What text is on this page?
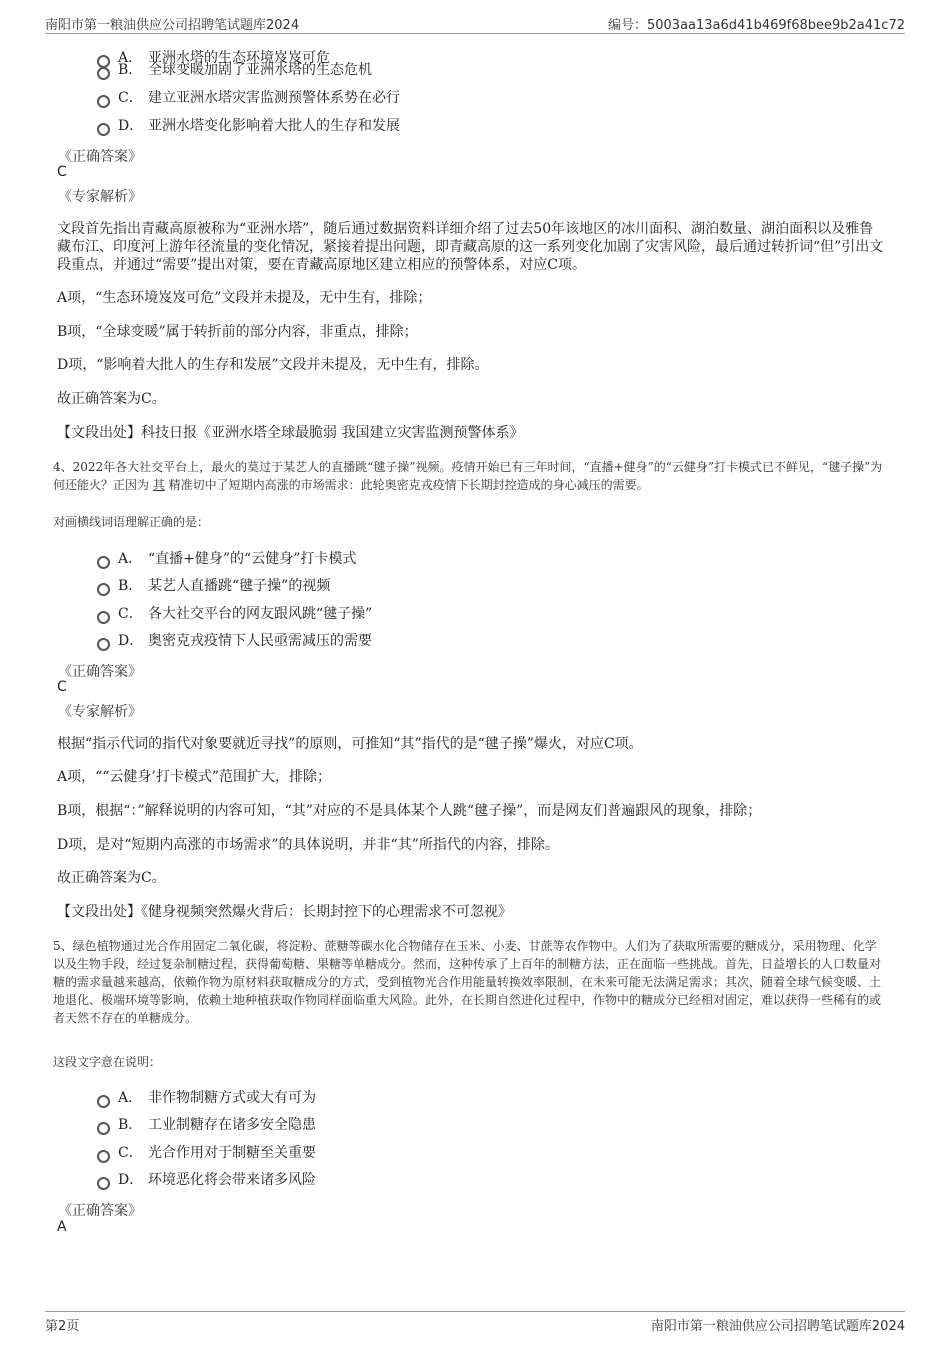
南阳市第一粮油供应公司招聘笔试题库2024	编号：5003aa13a6d41b469f68bee9b2a41c72
A． 亚洲水塔的生态环境岌岌可危
B． 全球变暖加剧了亚洲水塔的生态危机
C． 建立亚洲水塔灾害监测预警体系势在必行
D． 亚洲水塔变化影响着大批人的生存和发展
《正确答案》
C
《专家解析》
文段首先指出青藏高原被称为“亚洲水塔”，随后通过数据资料详细介绍了过去50年该地区的冰川面积、湖泊数量、湖泊面积以及雅鲁藏布江、印度河上游年径流量的变化情况，紧接着提出问题，即青藏高原的这一系列变化加剧了灾害风险，最后通过转折词“但”引出文段重点，并通过“需要”提出对策，要在青藏高原地区建立相应的预警体系，对应C项。
A项，“生态环境岌岌可危”文段并未提及，无中生有，排除；
B项，“全球变暖”属于转折前的部分内容，非重点，排除；
D项，“影响着大批人的生存和发展”文段并未提及，无中生有，排除。
故正确答案为C。
【文段出处】科技日报《亚洲水塔全球最脆弱 我国建立灾害监测预警体系》
4、2022年各大社交平台上，最火的莫过于某艺人的直播跳“毽子操”视频。疫情开始已有三年时间，“直播+健身”的“云健身”打卡模式已不鲜见，“毽子操”为何还能火？正因为 其 精准切中了短期内高涨的市场需求：此轮奥密克戎疫情下长期封控造成的身心减压的需要。
对画横线词语理解正确的是：
A． “直播+健身”的“云健身”打卡模式
B． 某艺人直播跳“毽子操”的视频
C． 各大社交平台的网友跟风跳“毽子操”
D． 奥密克戎疫情下人民亟需减压的需要
《正确答案》
C
《专家解析》
根据“指示代词的指代对象要就近寻找”的原则，可推知“其”指代的是“毽子操”爆火，对应C项。
A项，““云健身’打卡模式”范围扩大，排除；
B项，根据“：”解释说明的内容可知，“其”对应的不是具体某个人跳“毽子操”，而是网友们普遍跟风的现象，排除；
D项，是对“短期内高涨的市场需求”的具体说明，并非“其”所指代的内容，排除。
故正确答案为C。
【文段出处】《健身视频突然爆火背后：长期封控下的心理需求不可忽视》
5、绿色植物通过光合作用固定二氧化碳，将淀粉、蔗糖等碳水化合物储存在玉米、小麦、甘蔗等农作物中。人们为了获取所需要的糖成分，采用物理、化学以及生物手段，经过复杂制糖过程，获得葡萄糖、果糖等单糖成分。然而，这种传承了上百年的制糖方法，正在面临一些挑战。首先，日益增长的人口数量对糖的需求量越来越高，依赖作物为原材料获取糖成分的方式，受到植物光合作用能量转换效率限制，在未来可能无法满足需求；其次，随着全球气候变暖、土地退化、极端环境等影响，依赖土地种植获取作物同样面临重大风险。此外，在长期自然进化过程中，作物中的糖成分已经相对固定，难以获得一些稀有的或者天然不存在的单糖成分。
这段文字意在说明：
A． 非作物制糖方式或大有可为
B． 工业制糖存在诸多安全隐患
C． 光合作用对于制糖至关重要
D． 环境恶化将会带来诸多风险
《正确答案》
A
第2页	南阳市第一粮油供应公司招聘笔试题库2024
